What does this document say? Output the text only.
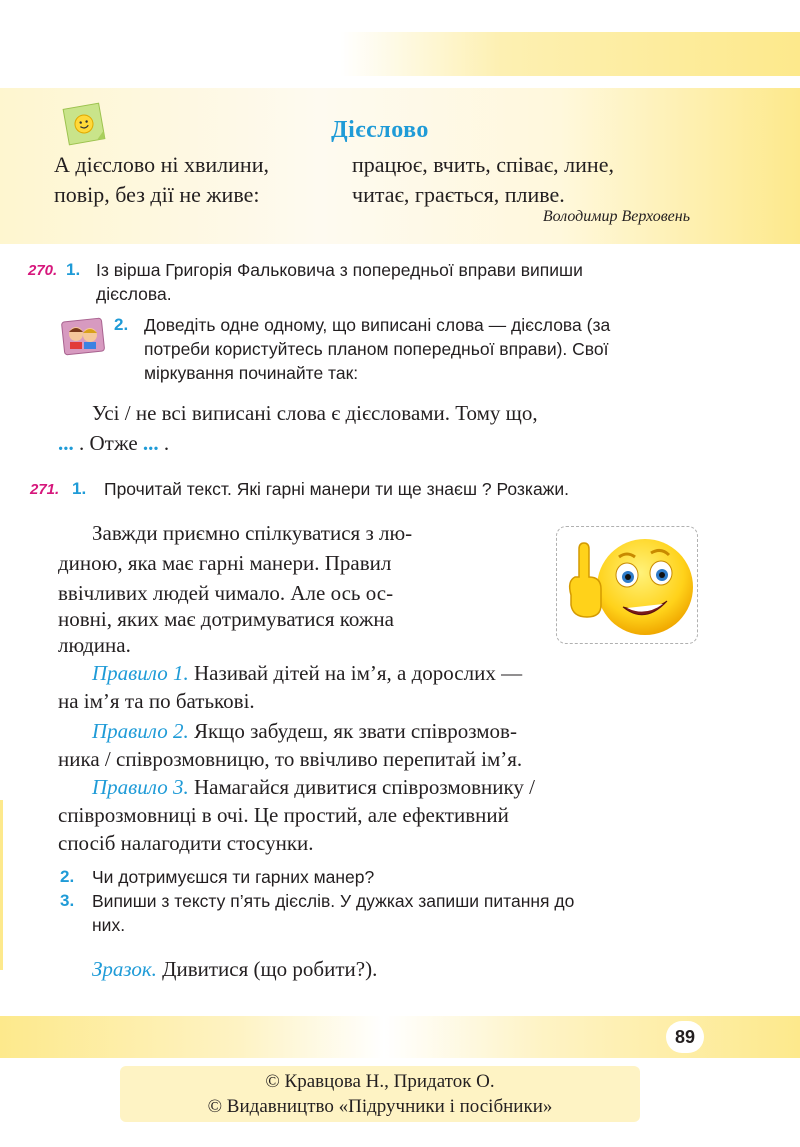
Дієслово
А дієслово ні хвилини,
повір, без дії не живе:
працює, вчить, співає, лине,
читає, грається, пливе.
Володимир Верховень
270. 1. Із вірша Григорія Фальковича з попередньої вправи випиши
дієслова.
2. Доведіть одне одному, що виписані слова — дієслова (за
потреби користуйтесь планом попередньої вправи). Свої
міркування починайте так:
Усі / не всі виписані слова є дієсловами. Тому що,
... . Отже ... .
271. 1. Прочитай текст. Які гарні манери ти ще знаєш ? Розкажи.
Завжди приємно спілкуватися з лю-
диною, яка має гарні манери. Правил
ввічливих людей чимало. Але ось ос-
новні, яких має дотримуватися кожна
людина.
Правило 1. Називай дітей на ім’я, а дорослих —
на ім’я та по батькові.
Правило 2. Якщо забудеш, як звати співрозмов-
ника / співрозмовницю, то ввічливо перепитай ім’я.
Правило 3. Намагайся дивитися співрозмовнику /
співрозмовниці в очі. Це простий, але ефективний
спосіб налагодити стосунки.
2. Чи дотримуєшся ти гарних манер?
3. Випиши з тексту п’ять дієслів. У дужках запиши питання до
них.
Зразок. Дивитися (що робити?).
89
© Кравцова Н., Придаток О.
© Видавництво «Підручники і посібники»
